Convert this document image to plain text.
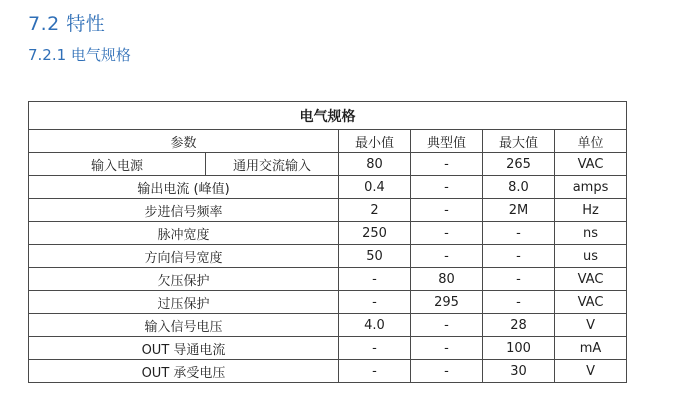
7.2 特性
7.2.1 电气规格
电气规格					
参数		最小值	典型值	最大值	单位
输入电源	通用交流输入	80	-	265	VAC
输出电流 (峰值)		0.4	-	8.0	amps
步进信号频率		2	-	2M	Hz
脉冲宽度		250	-	-	ns
方向信号宽度		50	-	-	us
欠压保护		-	80	-	VAC
过压保护		-	295	-	VAC
输入信号电压		4.0	-	28	V
OUT 导通电流		-	-	100	mA
OUT 承受电压		-	-	30	V
